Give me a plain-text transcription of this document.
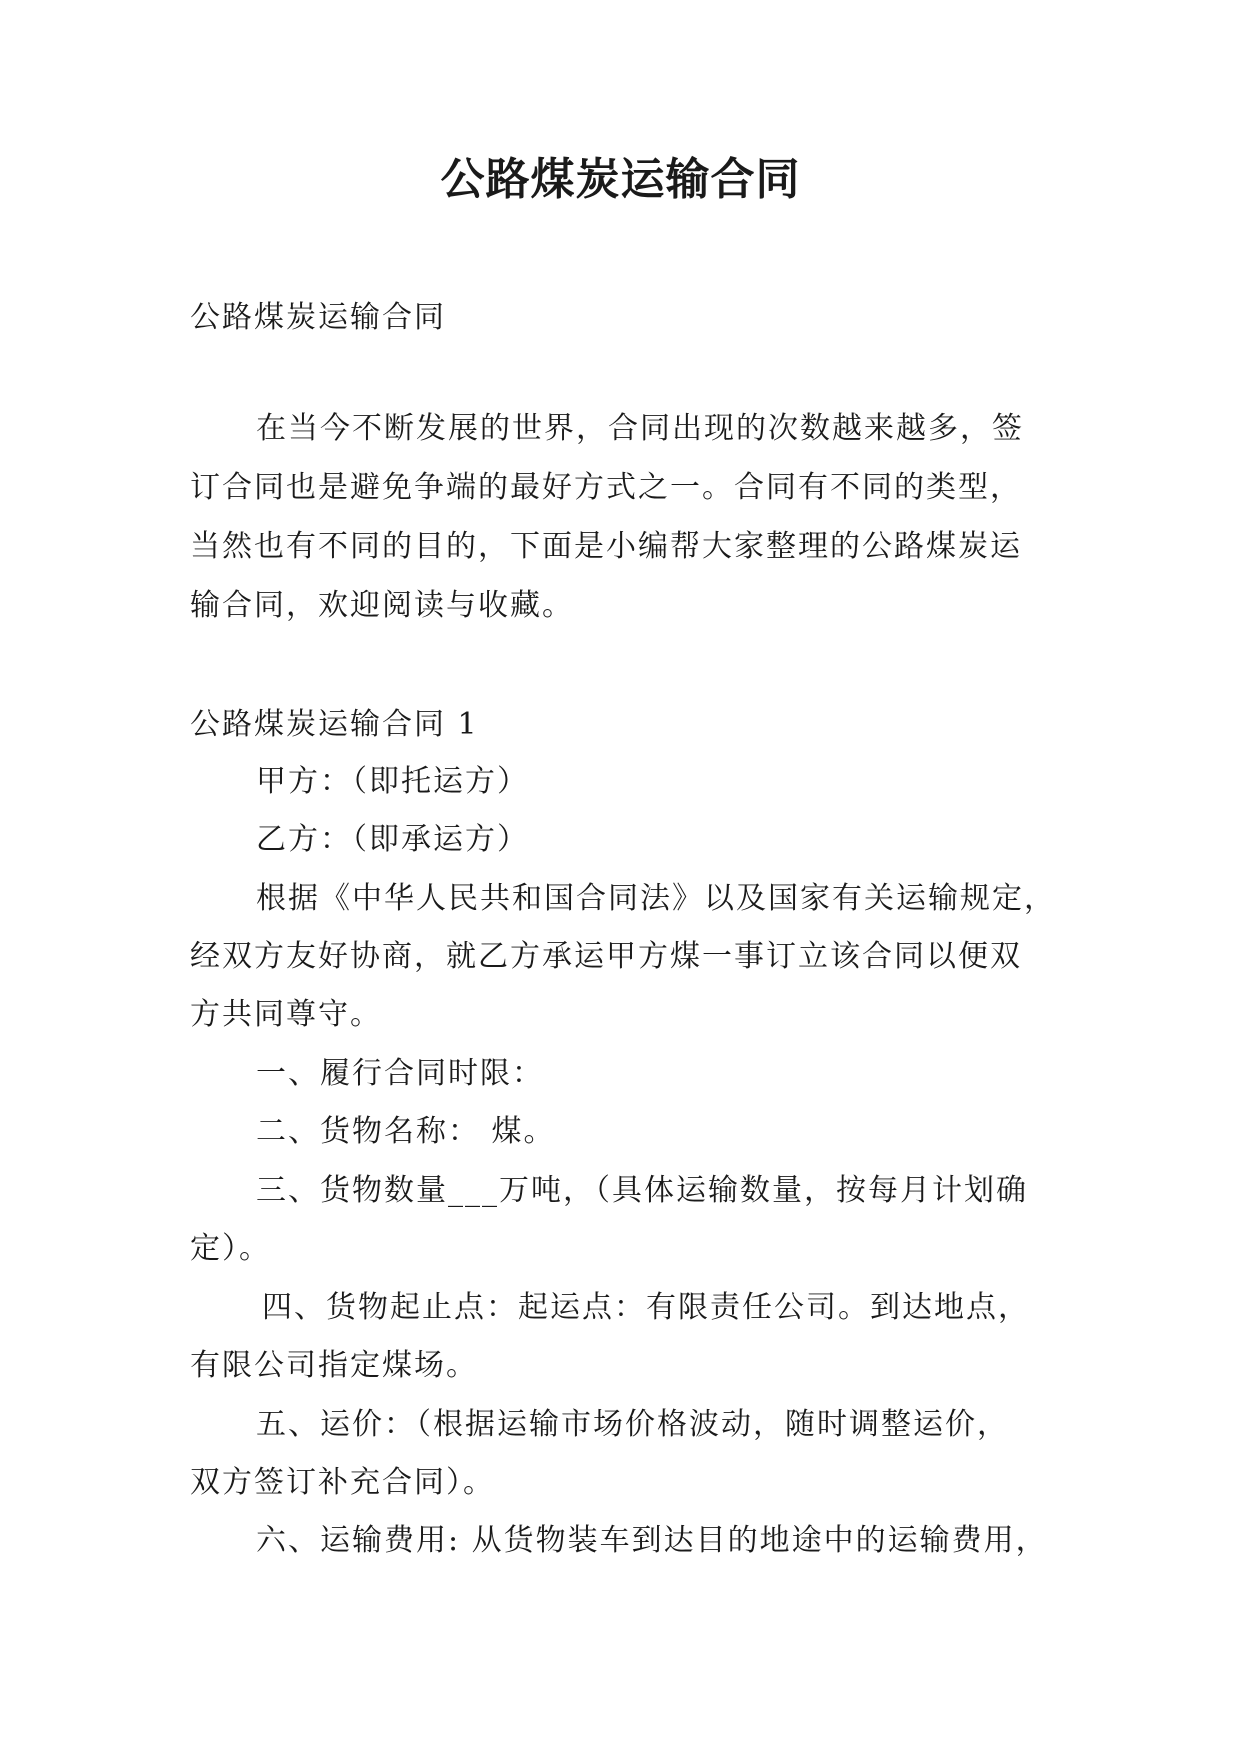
公路煤炭运输合同
公路煤炭运输合同
在当今不断发展的世界，合同出现的次数越来越多，签
订合同也是避免争端的最好方式之一。合同有不同的类型，
当然也有不同的目的，下面是小编帮大家整理的公路煤炭运
输合同，欢迎阅读与收藏。
公路煤炭运输合同 1
甲方：（即托运方）
乙方：（即承运方）
根据《中华人民共和国合同法》以及国家有关运输规定，
经双方友好协商，就乙方承运甲方煤一事订立该合同以便双
方共同尊守。
一、履行合同时限：
二、货物名称： 煤。
三、货物数量___万吨，（具体运输数量，按每月计划确
定）。
四、货物起止点：起运点：有限责任公司。到达地点，
有限公司指定煤场。
五、运价：（根据运输市场价格波动，随时调整运价，
双方签订补充合同）。
六、运输费用: 从货物装车到达目的地途中的运输费用，
